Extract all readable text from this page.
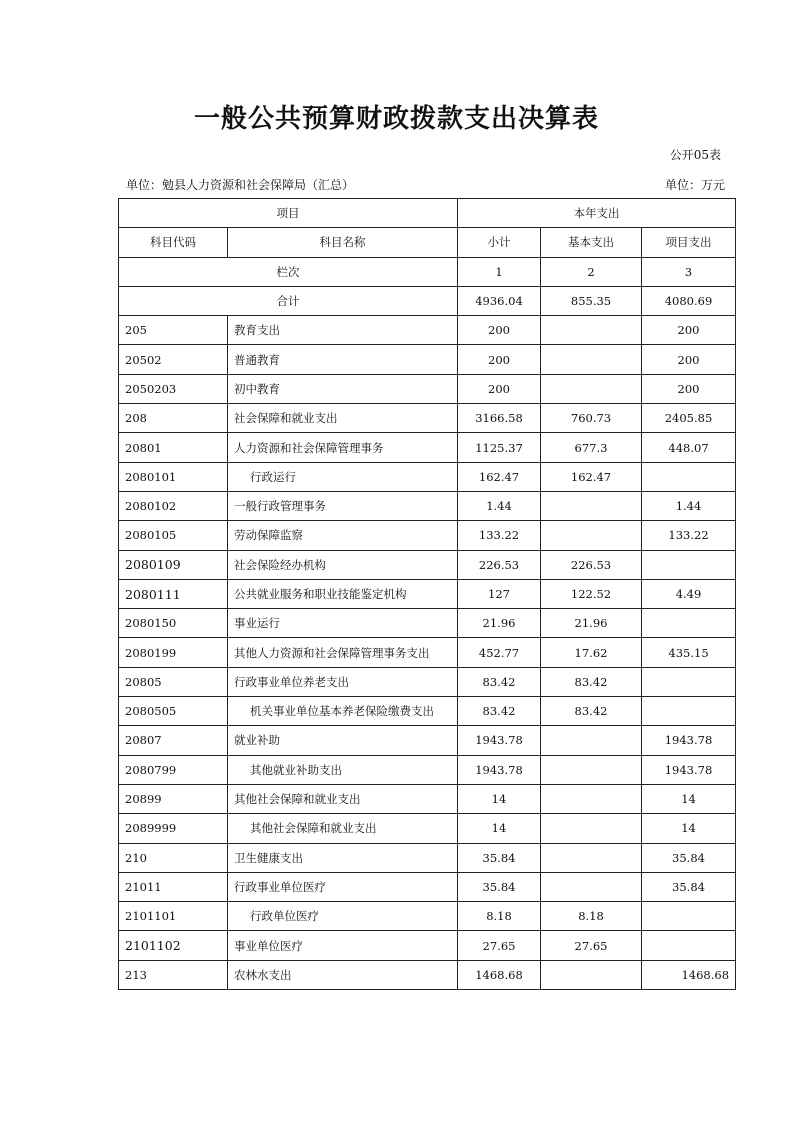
一般公共预算财政拨款支出决算表
公开05表
单位：勉县人力资源和社会保障局（汇总）	单位：万元
项目		本年支出		
科目代码	科目名称	小计	基本支出	项目支出
栏次		1	2	3
合计		4936.04	855.35	4080.69
205	教育支出	200		200
20502	普通教育	200		200
2050203	初中教育	200		200
208	社会保障和就业支出	3166.58	760.73	2405.85
20801	人力资源和社会保障管理事务	1125.37	677.3	448.07
2080101	行政运行	162.47	162.47	
2080102	一般行政管理事务	1.44		1.44
2080105	劳动保障监察	133.22		133.22
2080109	社会保险经办机构	226.53	226.53	
2080111	公共就业服务和职业技能鉴定机构	127	122.52	4.49
2080150	事业运行	21.96	21.96	
2080199	其他人力资源和社会保障管理事务支出	452.77	17.62	435.15
20805	行政事业单位养老支出	83.42	83.42	
2080505	机关事业单位基本养老保险缴费支出	83.42	83.42	
20807	就业补助	1943.78		1943.78
2080799	其他就业补助支出	1943.78		1943.78
20899	其他社会保障和就业支出	14		14
2089999	其他社会保障和就业支出	14		14
210	卫生健康支出	35.84		35.84
21011	行政事业单位医疗	35.84		35.84
2101101	行政单位医疗	8.18	8.18	
2101102	事业单位医疗	27.65	27.65	
213	农林水支出	1468.68		1468.68
